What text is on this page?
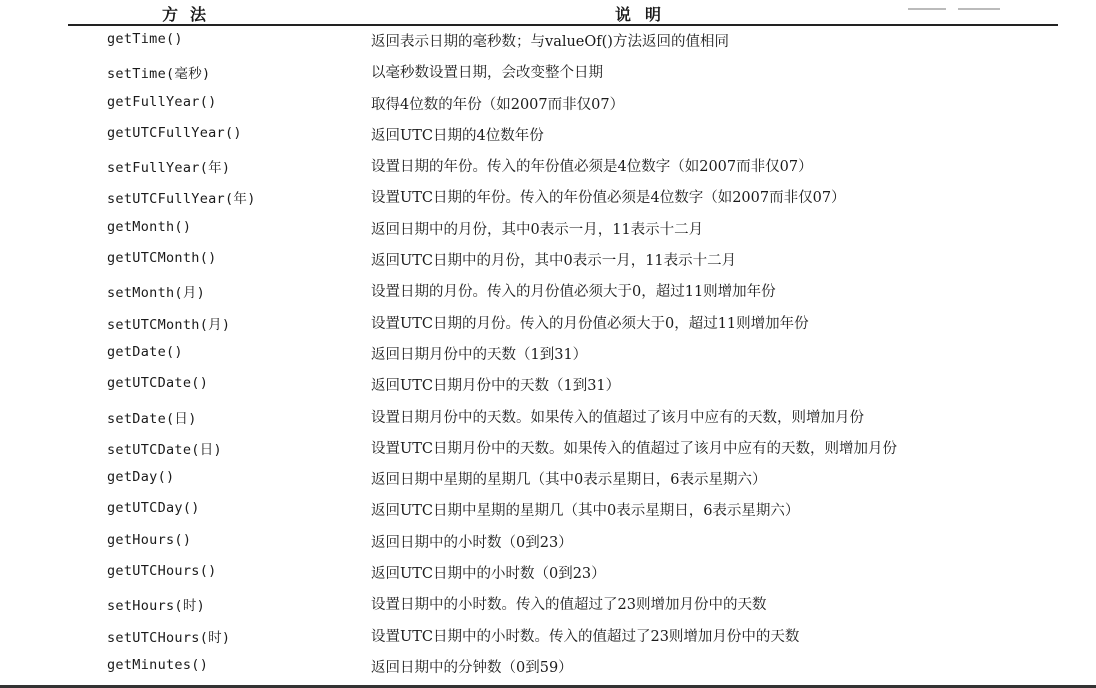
方法	说明
getTime()	返回表示日期的毫秒数；与valueOf()方法返回的值相同
setTime(毫秒)	以毫秒数设置日期，会改变整个日期
getFullYear()	取得4位数的年份（如2007而非仅07）
getUTCFullYear()	返回UTC日期的4位数年份
setFullYear(年)	设置日期的年份。传入的年份值必须是4位数字（如2007而非仅07）
setUTCFullYear(年)	设置UTC日期的年份。传入的年份值必须是4位数字（如2007而非仅07）
getMonth()	返回日期中的月份，其中0表示一月，11表示十二月
getUTCMonth()	返回UTC日期中的月份，其中0表示一月，11表示十二月
setMonth(月)	设置日期的月份。传入的月份值必须大于0，超过11则增加年份
setUTCMonth(月)	设置UTC日期的月份。传入的月份值必须大于0，超过11则增加年份
getDate()	返回日期月份中的天数（1到31）
getUTCDate()	返回UTC日期月份中的天数（1到31）
setDate(日)	设置日期月份中的天数。如果传入的值超过了该月中应有的天数，则增加月份
setUTCDate(日)	设置UTC日期月份中的天数。如果传入的值超过了该月中应有的天数，则增加月份
getDay()	返回日期中星期的星期几（其中0表示星期日，6表示星期六）
getUTCDay()	返回UTC日期中星期的星期几（其中0表示星期日，6表示星期六）
getHours()	返回日期中的小时数（0到23）
getUTCHours()	返回UTC日期中的小时数（0到23）
setHours(时)	设置日期中的小时数。传入的值超过了23则增加月份中的天数
setUTCHours(时)	设置UTC日期中的小时数。传入的值超过了23则增加月份中的天数
getMinutes()	返回日期中的分钟数（0到59）
